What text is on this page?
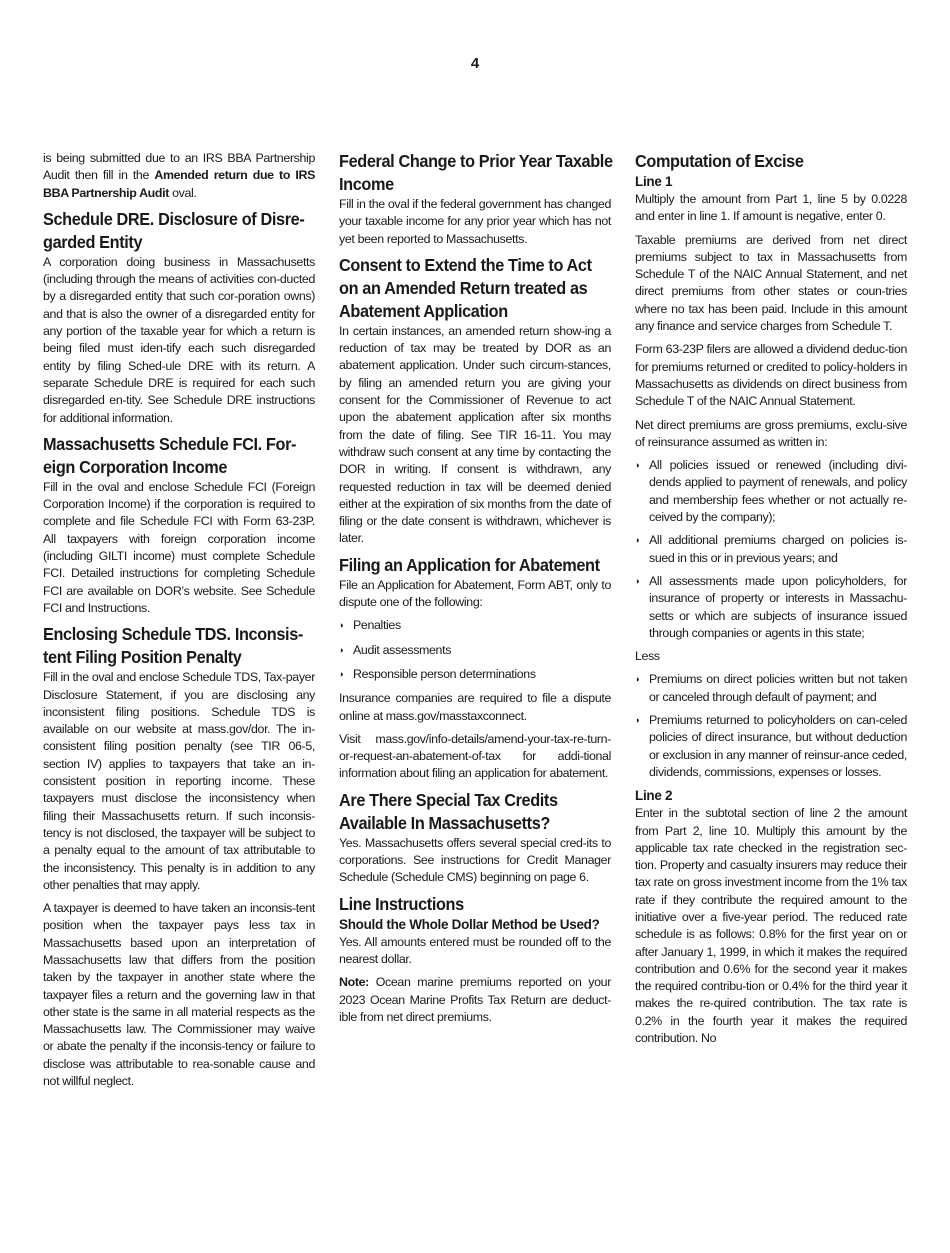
4

is being submitted due to an IRS BBA Partnership Audit then fill in the Amended return due to IRS BBA Partnership Audit oval.

Schedule DRE. Disclosure of Disre-garded Entity

A corporation doing business in Massachusetts (including through the means of activities con-ducted by a disregarded entity that such cor-poration owns) and that is also the owner of a disregarded entity for any portion of the taxable year for which a return is being filed must iden-tify each such disregarded entity by filing Sched-ule DRE with its return. A separate Schedule DRE is required for each such disregarded en-tity. See Schedule DRE instructions for additional information.

Massachusetts Schedule FCI. For-eign Corporation Income

Fill in the oval and enclose Schedule FCI (Foreign Corporation Income) if the corporation is required to complete and file Schedule FCI with Form 63-23P. All taxpayers with foreign corporation income (including GILTI income) must complete Schedule FCI. Detailed instructions for completing Schedule FCI are available on DOR’s website. See Schedule FCI and Instructions.

Enclosing Schedule TDS. Inconsis-tent Filing Position Penalty

Fill in the oval and enclose Schedule TDS, Tax-payer Disclosure Statement, if you are disclosing any inconsistent filing positions. Schedule TDS is available on our website at mass.gov/dor. The in-consistent filing position penalty (see TIR 06-5, section IV) applies to taxpayers that take an in-consistent position in reporting income. These taxpayers must disclose the inconsistency when filing their Massachusetts return. If such inconsis-tency is not disclosed, the taxpayer will be subject to a penalty equal to the amount of tax attributable to the inconsistency. This penalty is in addition to any other penalties that may apply.

A taxpayer is deemed to have taken an inconsis-tent position when the taxpayer pays less tax in Massachusetts based upon an interpretation of Massachusetts law that differs from the position taken by the taxpayer in another state where the taxpayer files a return and the governing law in that other state is the same in all material respects as the Massachusetts law. The Commissioner may waive or abate the penalty if the inconsis-tency or failure to disclose was attributable to rea-sonable cause and not willful neglect.

Federal Change to Prior Year Taxable Income

Fill in the oval if the federal government has changed your taxable income for any prior year which has not yet been reported to Massachusetts.

Consent to Extend the Time to Act on an Amended Return treated as Abatement Application

In certain instances, an amended return show-ing a reduction of tax may be treated by DOR as an abatement application. Under such circum-stances, by filing an amended return you are giving your consent for the Commissioner of Revenue to act upon the abatement application after six months from the date of filing. See TIR 16-11. You may withdraw such consent at any time by contacting the DOR in writing. If consent is withdrawn, any requested reduction in tax will be deemed denied either at the expiration of six months from the date of filing or the date consent is withdrawn, whichever is later.

Filing an Application for Abatement

File an Application for Abatement, Form ABT, only to dispute one of the following:

◗ Penalties
◗ Audit assessments
◗ Responsible person determinations

Insurance companies are required to file a dispute online at mass.gov/masstaxconnect.

Visit mass.gov/info-details/amend-your-tax-re-turn-or-request-an-abatement-of-tax for addi-tional information about filing an application for abatement.

Are There Special Tax Credits Available In Massachusetts?

Yes. Massachusetts offers several special cred-its to corporations. See instructions for Credit Manager Schedule (Schedule CMS) beginning on page 6.

Line Instructions
Should the Whole Dollar Method be Used?

Yes. All amounts entered must be rounded off to the nearest dollar.

Note: Ocean marine premiums reported on your 2023 Ocean Marine Profits Tax Return are deduct-ible from net direct premiums.

Computation of Excise
Line 1

Multiply the amount from Part 1, line 5 by 0.0228 and enter in line 1. If amount is negative, enter 0.

Taxable premiums are derived from net direct premiums subject to tax in Massachusetts from Schedule T of the NAIC Annual Statement, and net direct premiums from other states or coun-tries where no tax has been paid. Include in this amount any finance and service charges from Schedule T.

Form 63-23P filers are allowed a dividend deduc-tion for premiums returned or credited to policy-holders in Massachusetts as dividends on direct business from Schedule T of the NAIC Annual Statement.

Net direct premiums are gross premiums, exclu-sive of reinsurance assumed as written in:

◗ All policies issued or renewed (including divi-dends applied to payment of renewals, and policy and membership fees whether or not actually re-ceived by the company);
◗ All additional premiums charged on policies is-sued in this or in previous years; and
◗ All assessments made upon policyholders, for insurance of property or interests in Massachu-setts or which are subjects of insurance issued through companies or agents in this state;

Less

◗ Premiums on direct policies written but not taken or canceled through default of payment; and
◗ Premiums returned to policyholders on can-celed policies of direct insurance, but without deduction or exclusion in any manner of reinsur-ance ceded, dividends, commissions, expenses or losses.
Line 2

Enter in the subtotal section of line 2 the amount from Part 2, line 10. Multiply this amount by the applicable tax rate checked in the registration sec-tion. Property and casualty insurers may reduce their tax rate on gross investment income from the 1% tax rate if they contribute the required amount to the initiative over a five-year period. The reduced rate schedule is as follows: 0.8% for the first year on or after January 1, 1999, in which it makes the required contribution and 0.6% for the second year it makes the required contribu-tion or 0.4% for the third year it makes the re-quired contribution. The tax rate is 0.2% in the fourth year it makes the required contribution. No
